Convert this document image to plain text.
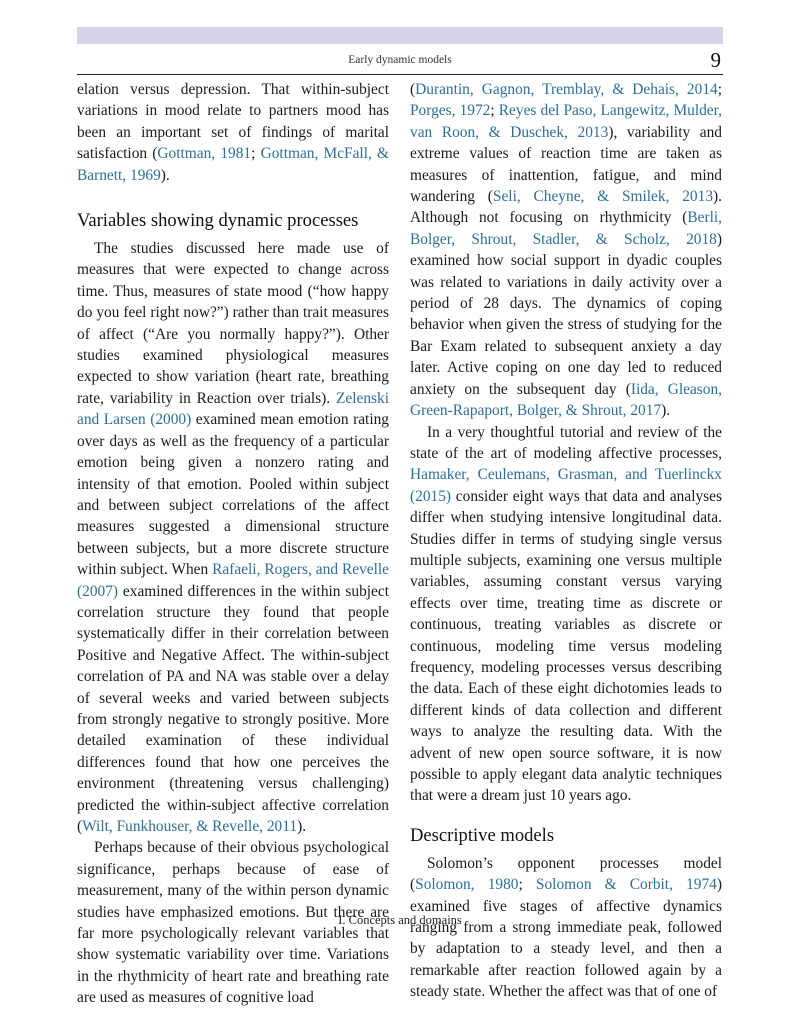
Early dynamic models	9

elation versus depression. That within-subject variations in mood relate to partners mood has been an important set of findings of marital satisfaction (Gottman, 1981; Gottman, McFall, & Barnett, 1969).

Variables showing dynamic processes

The studies discussed here made use of measures that were expected to change across time. Thus, measures of state mood (“how happy do you feel right now?”) rather than trait measures of affect (“Are you normally happy?”). Other studies examined physiological measures expected to show variation (heart rate, breathing rate, variability in Reaction over trials). Zelenski and Larsen (2000) examined mean emotion rating over days as well as the frequency of a particular emotion being given a nonzero rating and intensity of that emotion. Pooled within subject and between subject correlations of the affect measures suggested a dimensional structure between subjects, but a more discrete structure within subject. When Rafaeli, Rogers, and Revelle (2007) examined differences in the within subject correlation structure they found that people systematically differ in their correlation between Positive and Negative Affect. The within-subject correlation of PA and NA was stable over a delay of several weeks and varied between subjects from strongly negative to strongly positive. More detailed examination of these individual differences found that how one perceives the environment (threatening versus challenging) predicted the within-subject affective correlation (Wilt, Funkhouser, & Revelle, 2011).

Perhaps because of their obvious psychological significance, perhaps because of ease of measurement, many of the within person dynamic studies have emphasized emotions. But there are far more psychologically relevant variables that show systematic variability over time. Variations in the rhythmicity of heart rate and breathing rate are used as measures of cognitive load

(Durantin, Gagnon, Tremblay, & Dehais, 2014; Porges, 1972; Reyes del Paso, Langewitz, Mulder, van Roon, & Duschek, 2013), variability and extreme values of reaction time are taken as measures of inattention, fatigue, and mind wandering (Seli, Cheyne, & Smilek, 2013). Although not focusing on rhythmicity (Berli, Bolger, Shrout, Stadler, & Scholz, 2018) examined how social support in dyadic couples was related to variations in daily activity over a period of 28 days. The dynamics of coping behavior when given the stress of studying for the Bar Exam related to subsequent anxiety a day later. Active coping on one day led to reduced anxiety on the subsequent day (Iida, Gleason, Green-Rapaport, Bolger, & Shrout, 2017).

In a very thoughtful tutorial and review of the state of the art of modeling affective processes, Hamaker, Ceulemans, Grasman, and Tuerlinckx (2015) consider eight ways that data and analyses differ when studying intensive longitudinal data. Studies differ in terms of studying single versus multiple subjects, examining one versus multiple variables, assuming constant versus varying effects over time, treating time as discrete or continuous, treating variables as discrete or continuous, modeling time versus modeling frequency, modeling processes versus describing the data. Each of these eight dichotomies leads to different kinds of data collection and different ways to analyze the resulting data. With the advent of new open source software, it is now possible to apply elegant data analytic techniques that were a dream just 10 years ago.

Descriptive models

Solomon’s opponent processes model (Solomon, 1980; Solomon & Corbit, 1974) examined five stages of affective dynamics ranging from a strong immediate peak, followed by adaptation to a steady level, and then a remarkable after reaction followed again by a steady state. Whether the affect was that of one of

I. Concepts and domains
